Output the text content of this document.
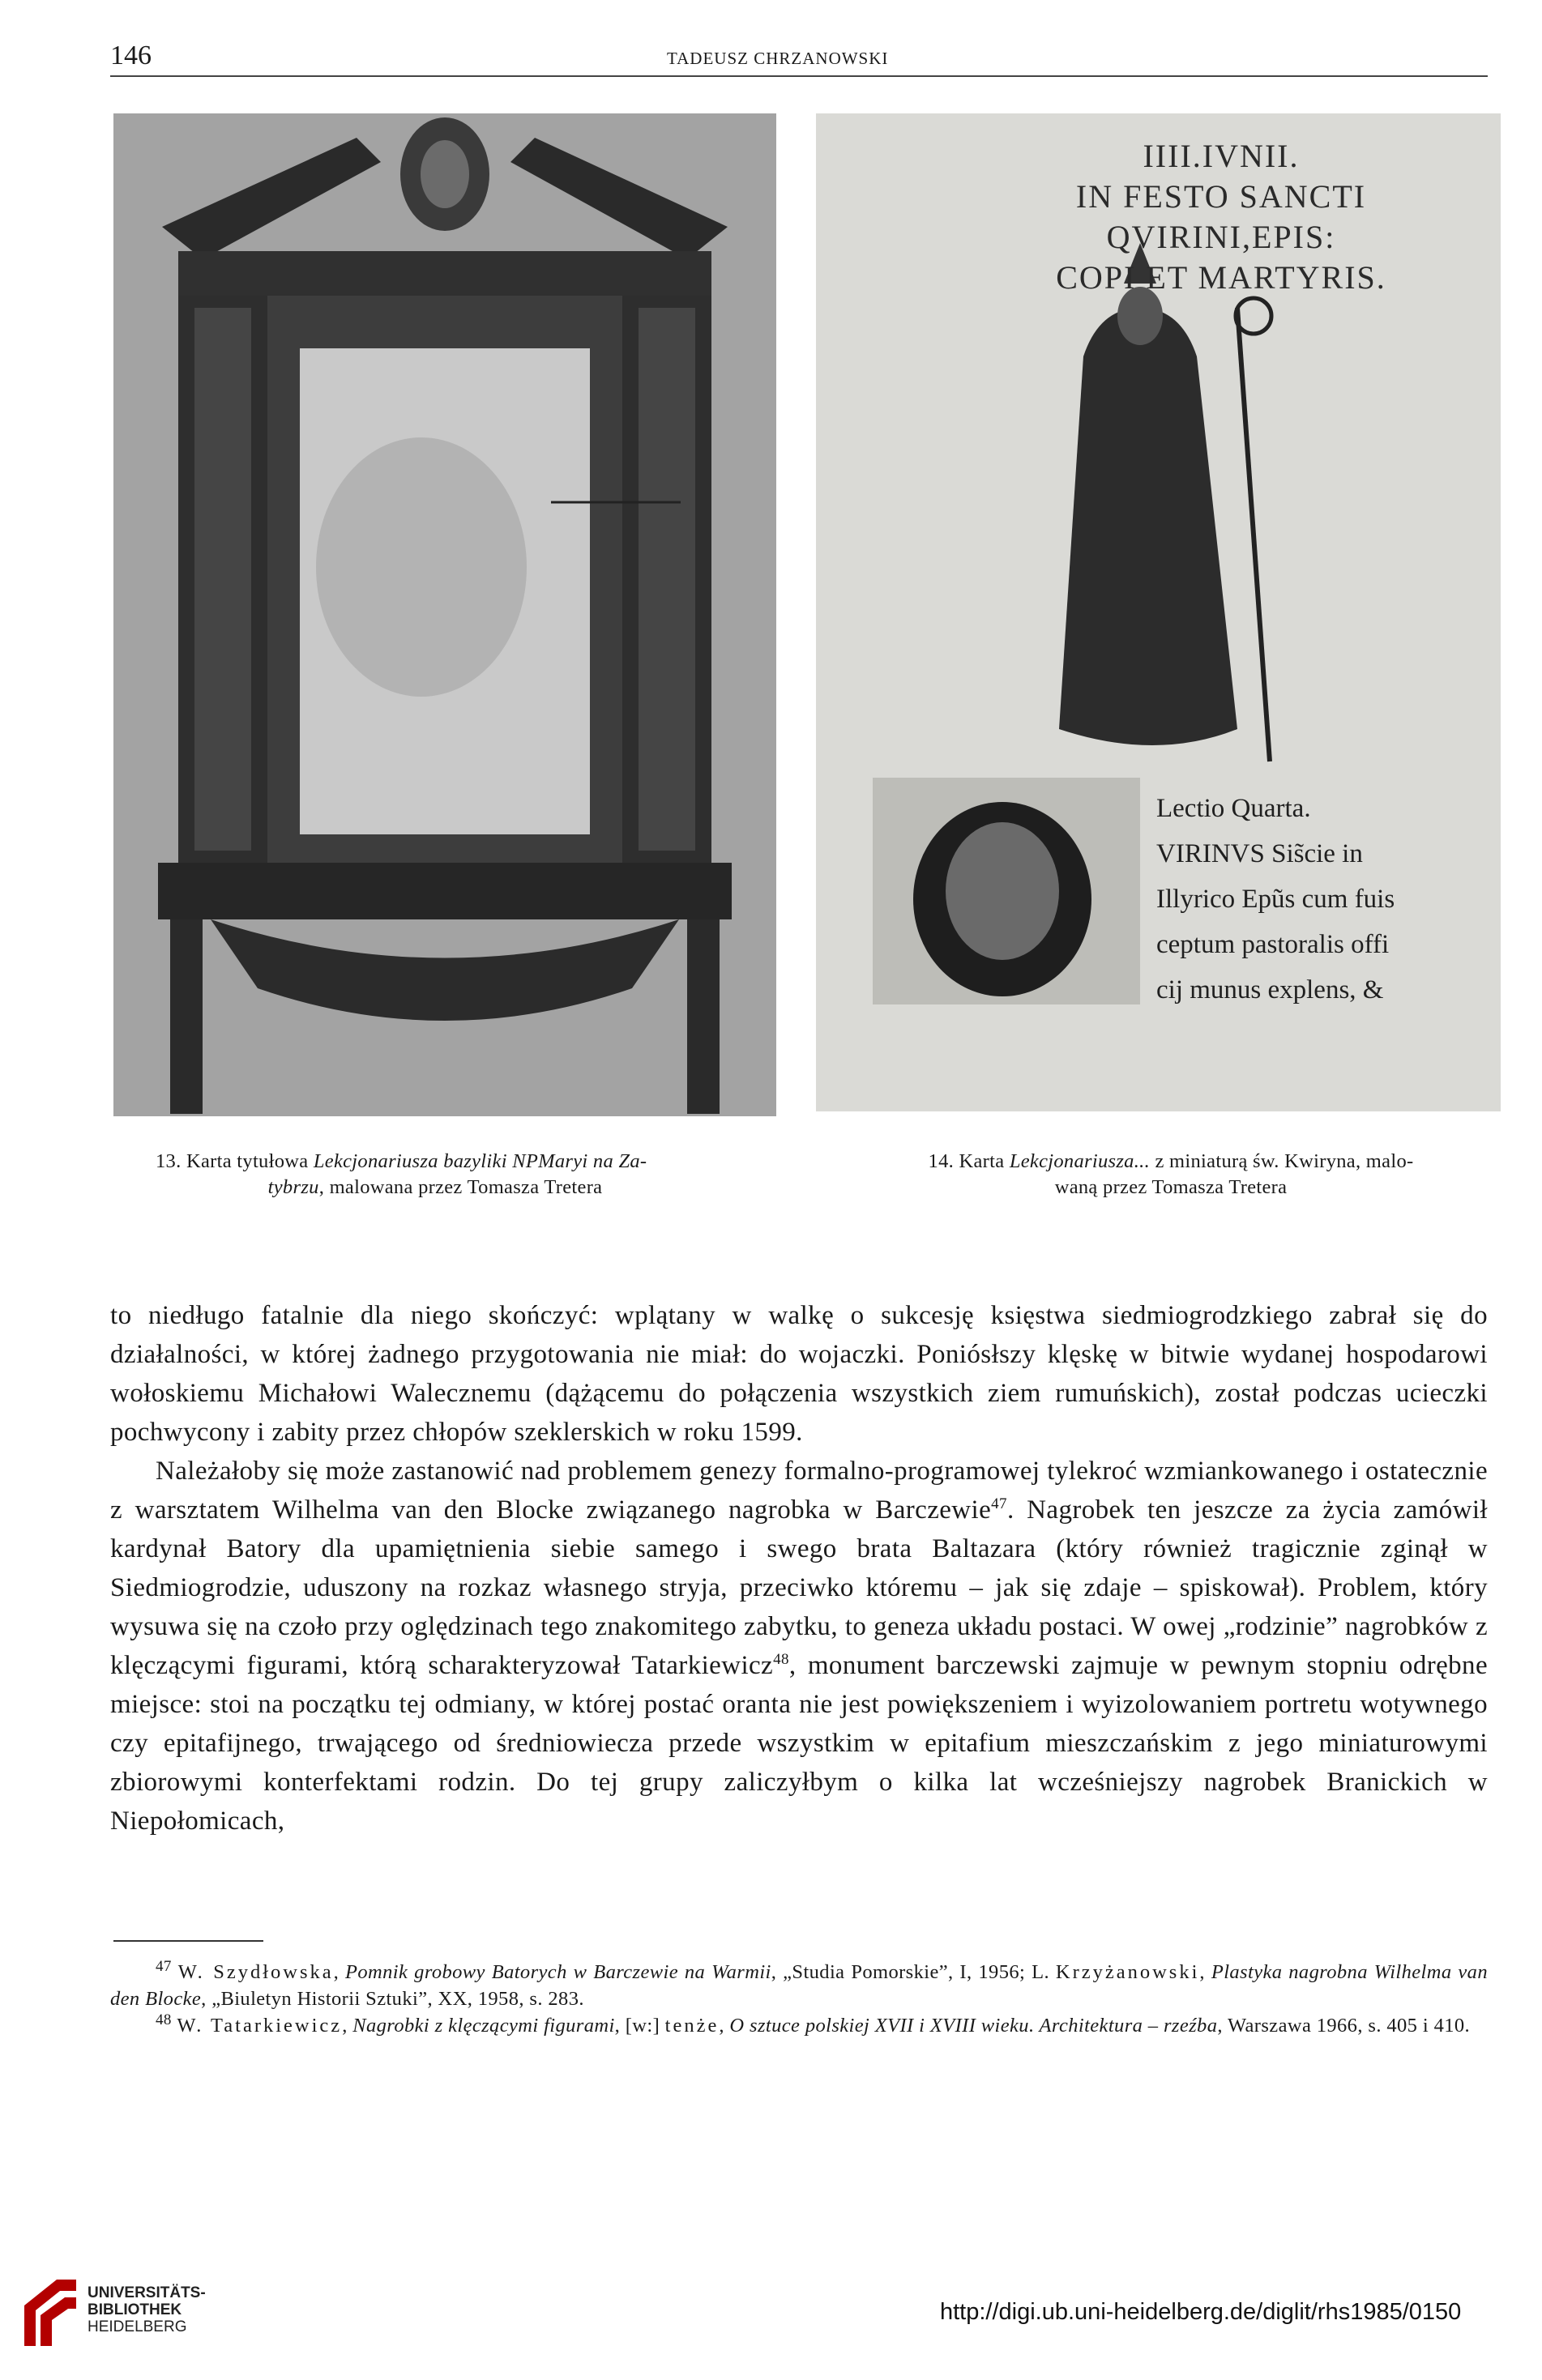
146	TADEUSZ CHRZANOWSKI
IIII.IVNII.
IN FESTO SANCTI QVIRINI,EPIS:
COPI ET MARTYRIS.
Lectio Quarta.
VIRINVS Sis̃cie in
Illyrico Epũs cum fuis
ceptum pastoralis offi
cij munus explens, &
13. Karta tytułowa Lekcjonariusza bazyliki NPMaryi na Za-
tybrzu, malowana przez Tomasza Tretera
14. Karta Lekcjonariusza... z miniaturą św. Kwiryna, malo-
waną przez Tomasza Tretera

to niedługo fatalnie dla niego skończyć: wplątany w walkę o sukcesję księstwa siedmiogrodzkiego zabrał się do działalności, w której żadnego przygotowania nie miał: do wojaczki. Poniósłszy klęskę w bitwie wydanej hospodarowi wołoskiemu Michałowi Walecznemu (dążącemu do połączenia wszystkich ziem rumuńskich), został podczas ucieczki pochwycony i zabity przez chłopów szeklerskich w roku 1599.

Należałoby się może zastanowić nad problemem genezy formalno-programowej tylekroć wzmiankowanego i ostatecznie z warsztatem Wilhelma van den Blocke związanego nagrobka w Barczewie$^{47}$. Nagrobek ten jeszcze za życia zamówił kardynał Batory dla upamiętnienia siebie samego i swego brata Baltazara (który również tragicznie zginął w Siedmiogrodzie, uduszony na rozkaz własnego stryja, przeciwko któremu – jak się zdaje – spiskował). Problem, który wysuwa się na czoło przy oględzinach tego znakomitego zabytku, to geneza układu postaci. W owej „rodzinie” nagrobków z klęczącymi figurami, którą scharakteryzował Tatarkiewicz$^{48}$, monument barczewski zajmuje w pewnym stopniu odrębne miejsce: stoi na początku tej odmiany, w której postać oranta nie jest powiększeniem i wyizolowaniem portretu wotywnego czy epitafijnego, trwającego od średniowiecza przede wszystkim w epitafium mieszczańskim z jego miniaturowymi zbiorowymi konterfektami rodzin. Do tej grupy zaliczyłbym o kilka lat wcześniejszy nagrobek Branickich w Niepołomicach,

$^{47}$ W. Szydłowska, Pomnik grobowy Batorych w Barczewie na Warmii, „Studia Pomorskie”, I, 1956; L. Krzyżanowski, Plastyka nagrobna Wilhelma van den Blocke, „Biuletyn Historii Sztuki”, XX, 1958, s. 283.

$^{48}$ W. Tatarkiewicz, Nagrobki z klęczącymi figurami, [w:] tenże, O sztuce polskiej XVII i XVIII wieku. Architektura – rzeźba, Warszawa 1966, s. 405 i 410.

UNIVERSITÄTS-
BIBLIOTHEK
HEIDELBERG
http://digi.ub.uni-heidelberg.de/diglit/rhs1985/0150
